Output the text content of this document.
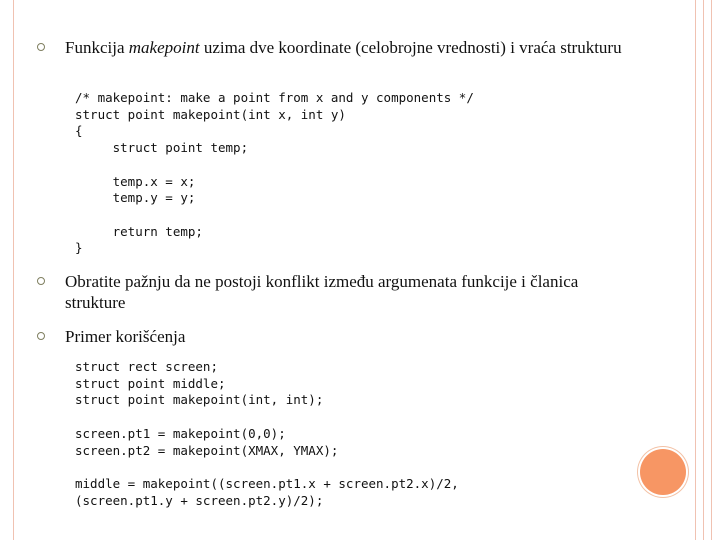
Funkcija makepoint uzima dve koordinate (celobrojne vrednosti) i vraća strukturu
/* makepoint: make a point from x and y components */
struct point makepoint(int x, int y)
{
struct point temp;

temp.x = x;
temp.y = y;

return temp;
}
Obratite pažnju da ne postoji konflikt između argumenata funkcije i članica strukture
Primer korišćenja
struct rect screen;
struct point middle;
struct point makepoint(int, int);

screen.pt1 = makepoint(0,0);
screen.pt2 = makepoint(XMAX, YMAX);

middle = makepoint((screen.pt1.x + screen.pt2.x)/2,
(screen.pt1.y + screen.pt2.y)/2);
